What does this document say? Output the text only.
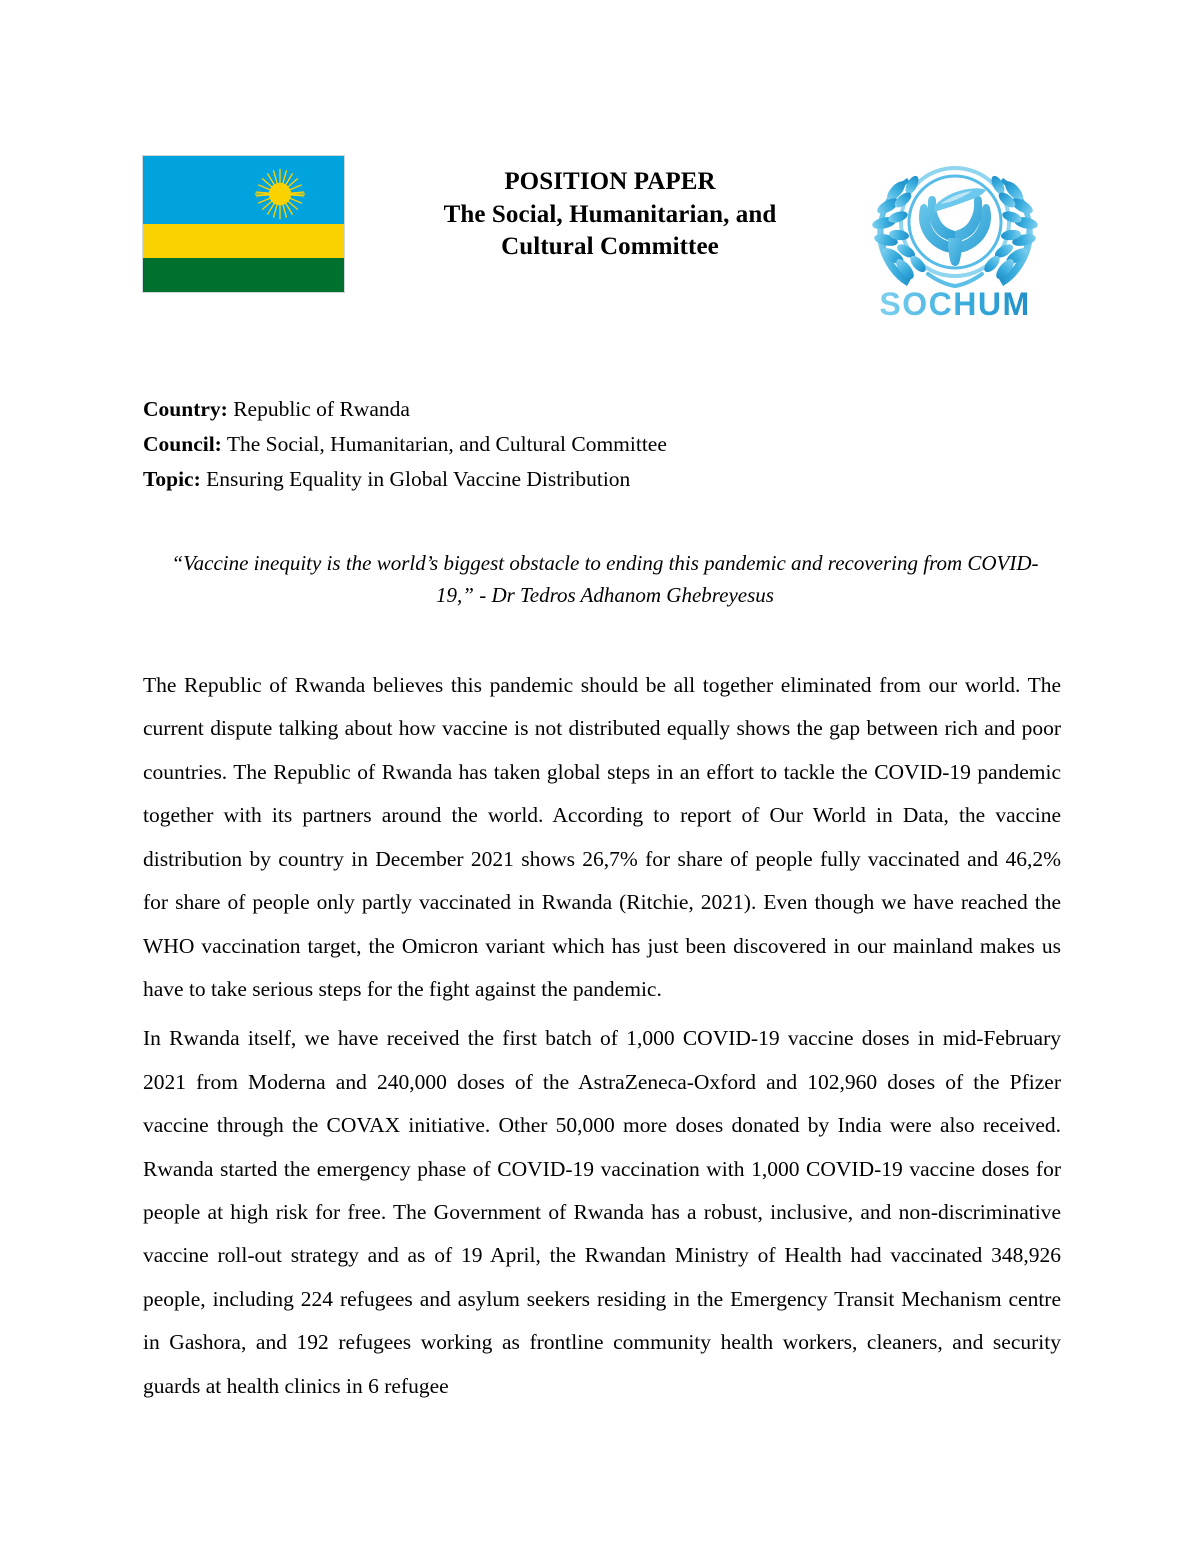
POSITION PAPER
The Social, Humanitarian, and
Cultural Committee
SOCHUM
Country: Republic of Rwanda
Council: The Social, Humanitarian, and Cultural Committee
Topic: Ensuring Equality in Global Vaccine Distribution
“Vaccine inequity is the world’s biggest obstacle to ending this pandemic and recovering from COVID-19,” - Dr Tedros Adhanom Ghebreyesus

The Republic of Rwanda believes this pandemic should be all together eliminated from our world. The current dispute talking about how vaccine is not distributed equally shows the gap between rich and poor countries. The Republic of Rwanda has taken global steps in an effort to tackle the COVID-19 pandemic together with its partners around the world. According to report of Our World in Data, the vaccine distribution by country in December 2021 shows 26,7% for share of people fully vaccinated and 46,2% for share of people only partly vaccinated in Rwanda (Ritchie, 2021). Even though we have reached the WHO vaccination target, the Omicron variant which has just been discovered in our mainland makes us have to take serious steps for the fight against the pandemic.

In Rwanda itself, we have received the first batch of 1,000 COVID-19 vaccine doses in mid-February 2021 from Moderna and 240,000 doses of the AstraZeneca-Oxford and 102,960 doses of the Pfizer vaccine through the COVAX initiative. Other 50,000 more doses donated by India were also received. Rwanda started the emergency phase of COVID-19 vaccination with 1,000 COVID-19 vaccine doses for people at high risk for free. The Government of Rwanda has a robust, inclusive, and non-discriminative vaccine roll-out strategy and as of 19 April, the Rwandan Ministry of Health had vaccinated 348,926 people, including 224 refugees and asylum seekers residing in the Emergency Transit Mechanism centre in Gashora, and 192 refugees working as frontline community health workers, cleaners, and security guards at health clinics in 6 refugee
